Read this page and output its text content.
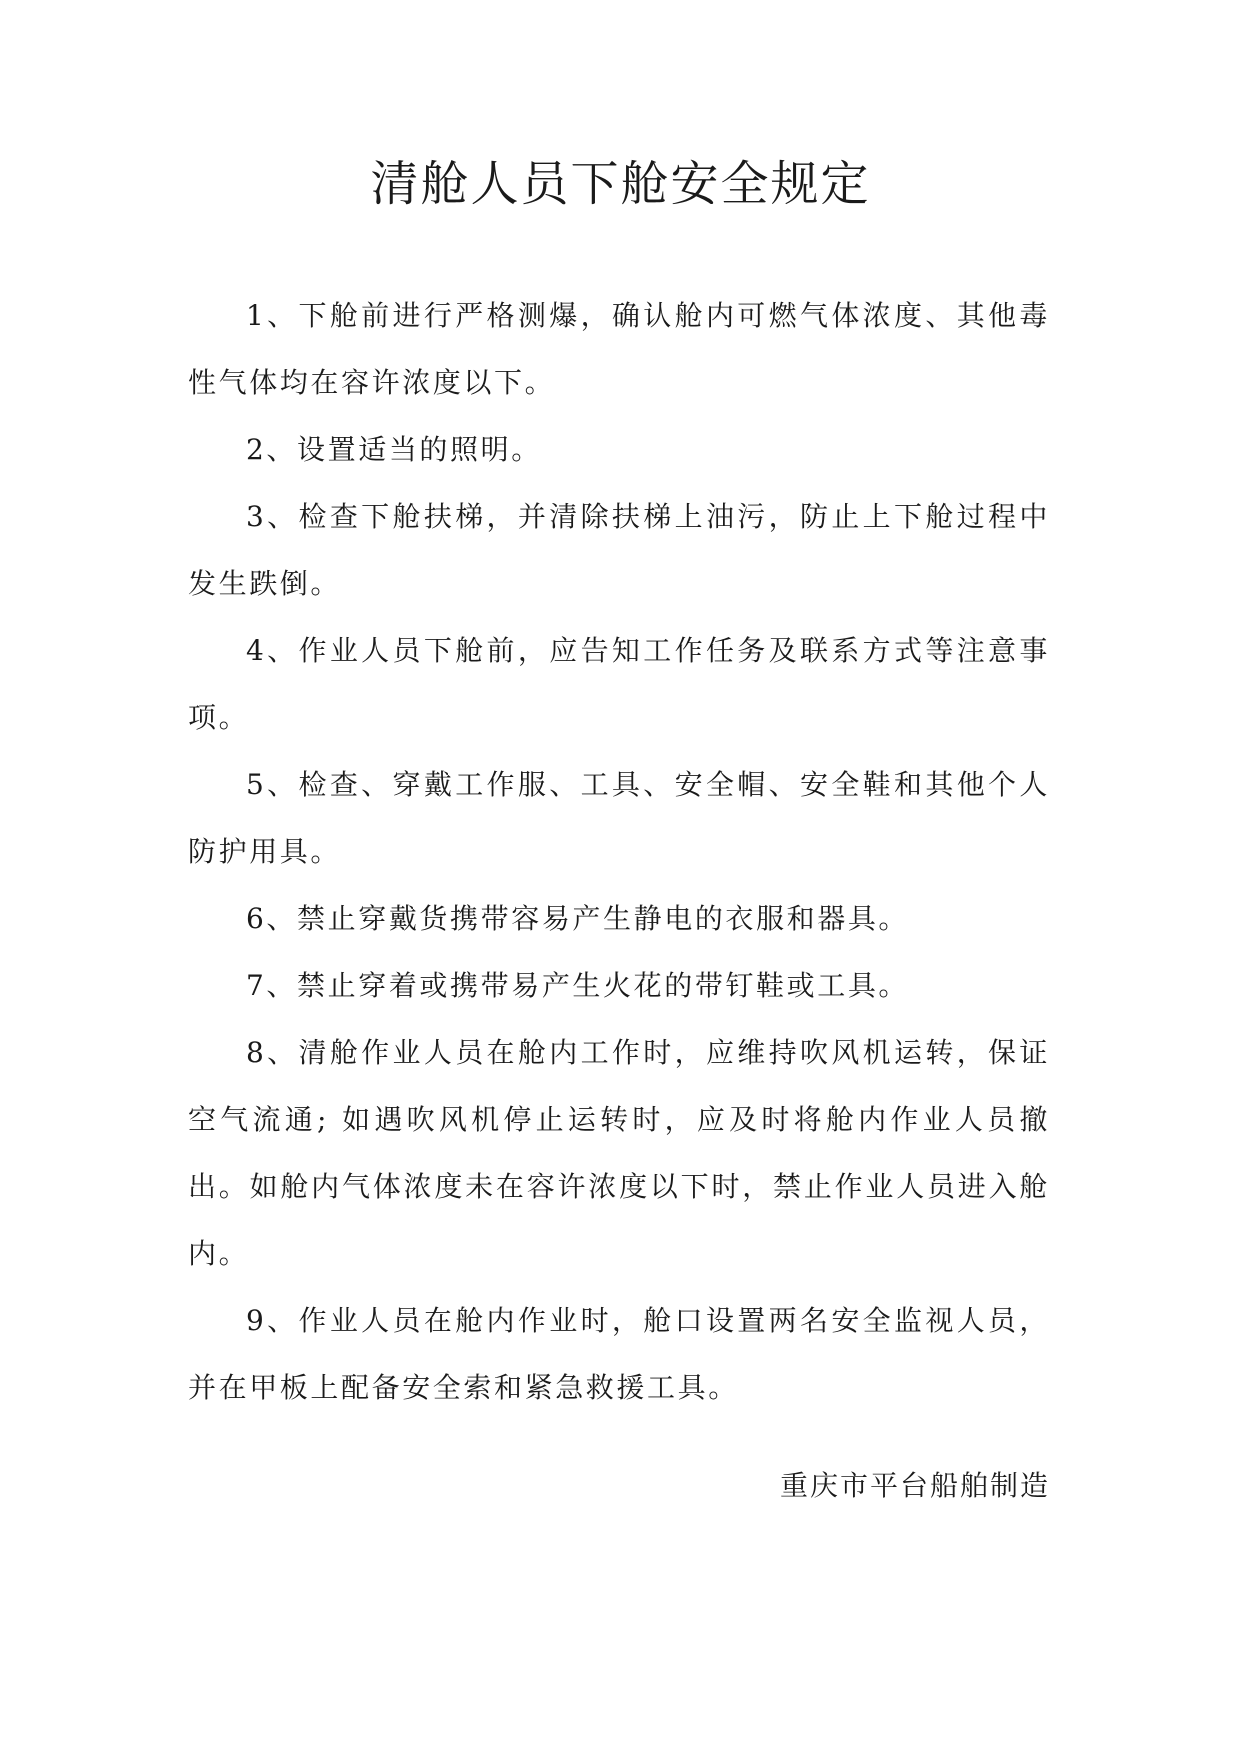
清舱人员下舱安全规定

1、下舱前进行严格测爆，确认舱内可燃气体浓度、其他毒性气体均在容许浓度以下。

2、设置适当的照明。

3、检查下舱扶梯，并清除扶梯上油污，防止上下舱过程中发生跌倒。

4、作业人员下舱前，应告知工作任务及联系方式等注意事项。

5、检查、穿戴工作服、工具、安全帽、安全鞋和其他个人防护用具。

6、禁止穿戴货携带容易产生静电的衣服和器具。

7、禁止穿着或携带易产生火花的带钉鞋或工具。

8、清舱作业人员在舱内工作时，应维持吹风机运转，保证空气流通; 如遇吹风机停止运转时，应及时将舱内作业人员撤出。如舱内气体浓度未在容许浓度以下时，禁止作业人员进入舱内。

9、作业人员在舱内作业时，舱口设置两名安全监视人员，并在甲板上配备安全索和紧急救援工具。

重庆市平台船舶制造
